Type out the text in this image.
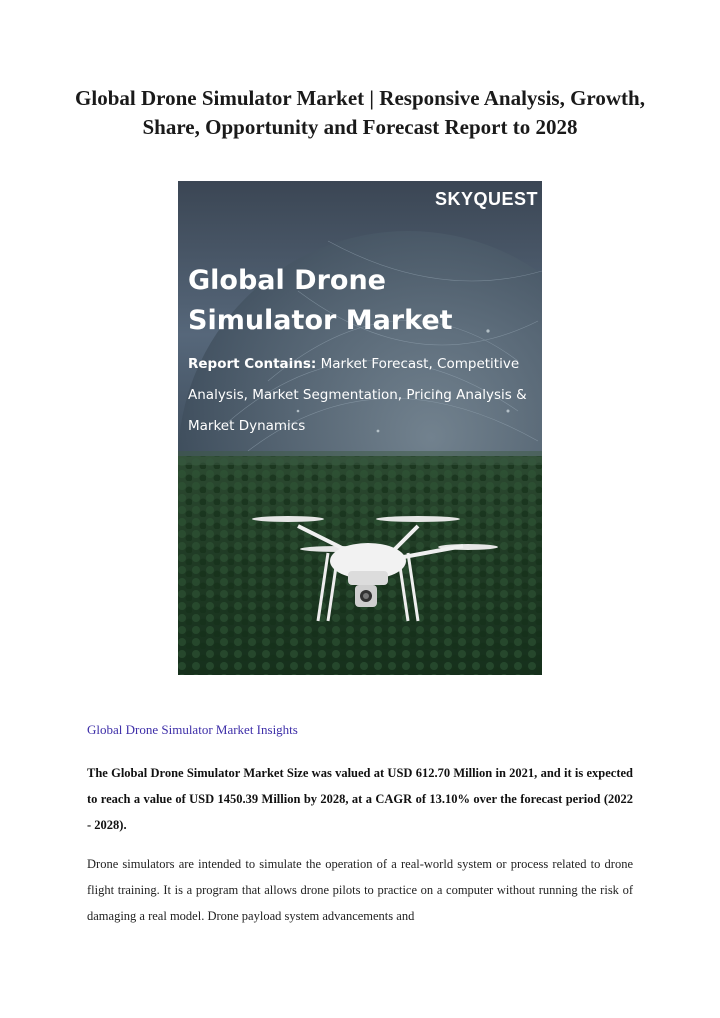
Global Drone Simulator Market | Responsive Analysis, Growth, Share, Opportunity and Forecast Report to 2028
SKYQUEST
Global Drone Simulator Market
Report Contains: Market Forecast, Competitive Analysis, Market Segmentation, Pricing Analysis & Market Dynamics
Global Drone Simulator Market Insights

The Global Drone Simulator Market Size was valued at USD 612.70 Million in 2021, and it is expected to reach a value of USD 1450.39 Million by 2028, at a CAGR of 13.10% over the forecast period (2022 - 2028).

Drone simulators are intended to simulate the operation of a real-world system or process related to drone flight training. It is a program that allows drone pilots to practice on a computer without running the risk of damaging a real model. Drone payload system advancements and
